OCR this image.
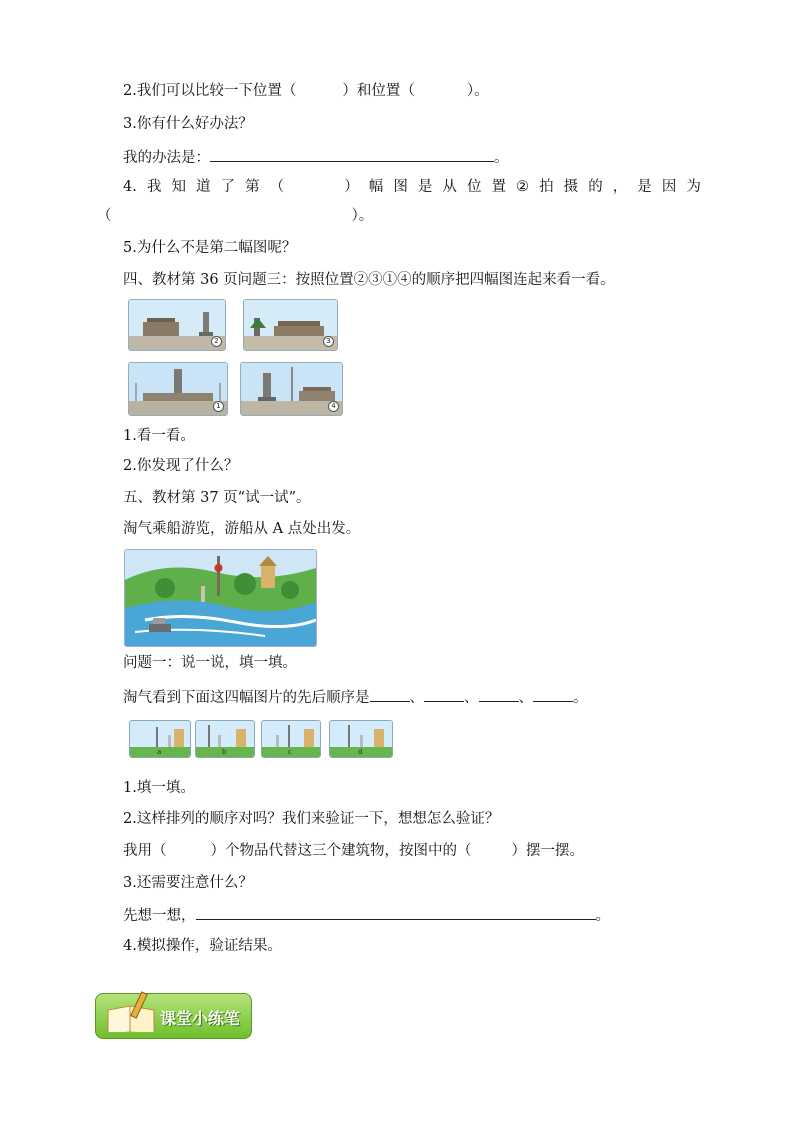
2.我们可以比较一下位置（	）和位置（	）。
3.你有什么好办法？
我的办法是：	。
4. 我 知 道 了 第 （	） 幅 图 是 从 位 置 ② 拍 摄 的 ， 是 因 为
（	）。
5.为什么不是第二幅图呢？
四、教材第 36 页问题三：按照位置②③①④的顺序把四幅图连起来看一看。
2	3
1	4
1.看一看。
2.你发现了什么？
五、教材第 37 页“试一试”。
淘气乘船游览，游船从 A 点处出发。
问题一：说一说，填一填。
淘气看到下面这四幅图片的先后顺序是	、	、	、	。
a	b	c	d
1.填一填。
2.这样排列的顺序对吗？我们来验证一下，想想怎么验证？
我用（	）个物品代替这三个建筑物，按图中的（	）摆一摆。
3.还需要注意什么？
先想一想，	。
4.模拟操作，验证结果。
课堂小练笔
